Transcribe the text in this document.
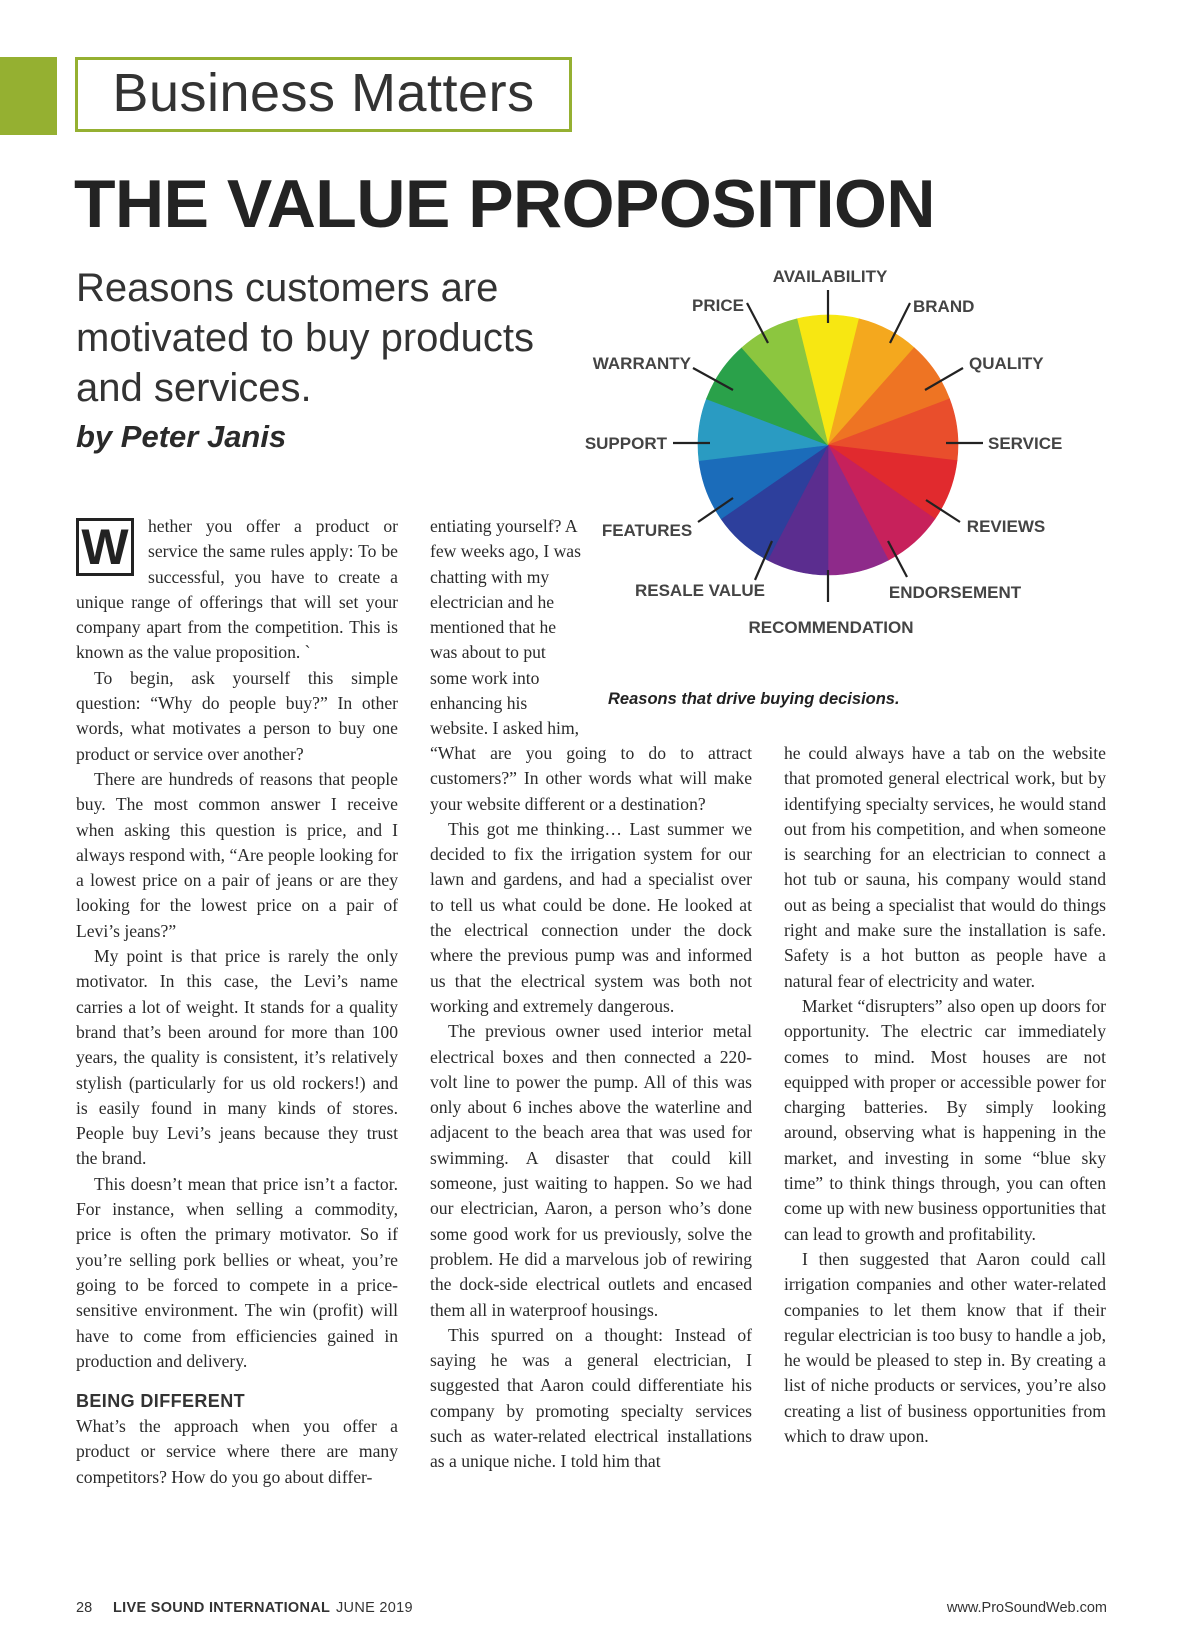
Business Matters
THE VALUE PROPOSITION
Reasons customers are motivated to buy products and services.
by Peter Janis
AVAILABILITY
PRICE	BRAND
WARRANTY	QUALITY
SUPPORT	SERVICE
FEATURES	REVIEWS
RESALE VALUE	ENDORSEMENT
RECOMMENDATION
Reasons that drive buying decisions.
W	hether you offer a product or service the same rules apply: To be successful, you have to create a unique range of offerings that will set your company apart from the competition. This is known as the value proposition. `

To begin, ask yourself this simple question: “Why do people buy?” In other words, what motivates a person to buy one product or service over another?

There are hundreds of reasons that people buy. The most common answer I receive when asking this question is price, and I always respond with, “Are people looking for a lowest price on a pair of jeans or are they looking for the lowest price on a pair of Levi’s jeans?”

My point is that price is rarely the only motivator. In this case, the Levi’s name carries a lot of weight. It stands for a quality brand that’s been around for more than 100 years, the quality is consistent, it’s relatively stylish (particularly for us old rockers!) and is easily found in many kinds of stores. People buy Levi’s jeans because they trust the brand.

This doesn’t mean that price isn’t a factor. For instance, when selling a commodity, price is often the primary motivator. So if you’re selling pork bellies or wheat, you’re going to be forced to compete in a price-sensitive environment. The win (profit) will have to come from efficiencies gained in production and delivery.

BEING DIFFERENT

What’s the approach when you offer a product or service where there are many competitors? How do you go about differ-

entiating yourself? A few weeks ago, I was chatting with my electrician and he mentioned that he was about to put some work into enhancing his website. I asked him,

“What are you going to do to attract customers?” In other words what will make your website different or a destination?

This got me thinking… Last summer we decided to fix the irrigation system for our lawn and gardens, and had a specialist over to tell us what could be done. He looked at the electrical connection under the dock where the previous pump was and informed us that the electrical system was both not working and extremely dangerous.

The previous owner used interior metal electrical boxes and then connected a 220-volt line to power the pump. All of this was only about 6 inches above the waterline and adjacent to the beach area that was used for swimming. A disaster that could kill someone, just waiting to happen. So we had our electrician, Aaron, a person who’s done some good work for us previously, solve the problem. He did a marvelous job of rewiring the dock-side electrical outlets and encased them all in waterproof housings.

This spurred on a thought: Instead of saying he was a general electrician, I suggested that Aaron could differentiate his company by promoting specialty services such as water-related electrical installations as a unique niche. I told him that

he could always have a tab on the website that promoted general electrical work, but by identifying specialty services, he would stand out from his competition, and when someone is searching for an electrician to connect a hot tub or sauna, his company would stand out as being a specialist that would do things right and make sure the installation is safe. Safety is a hot button as people have a natural fear of electricity and water.

Market “disrupters” also open up doors for opportunity. The electric car immediately comes to mind. Most houses are not equipped with proper or accessible power for charging batteries. By simply looking around, observing what is happening in the market, and investing in some “blue sky time” to think things through, you can often come up with new business opportunities that can lead to growth and profitability.

I then suggested that Aaron could call irrigation companies and other water-related companies to let them know that if their regular electrician is too busy to handle a job, he would be pleased to step in. By creating a list of niche products or services, you’re also creating a list of business opportunities from which to draw upon.

28 LIVE SOUND INTERNATIONAL JUNE 2019	www.ProSoundWeb.com
